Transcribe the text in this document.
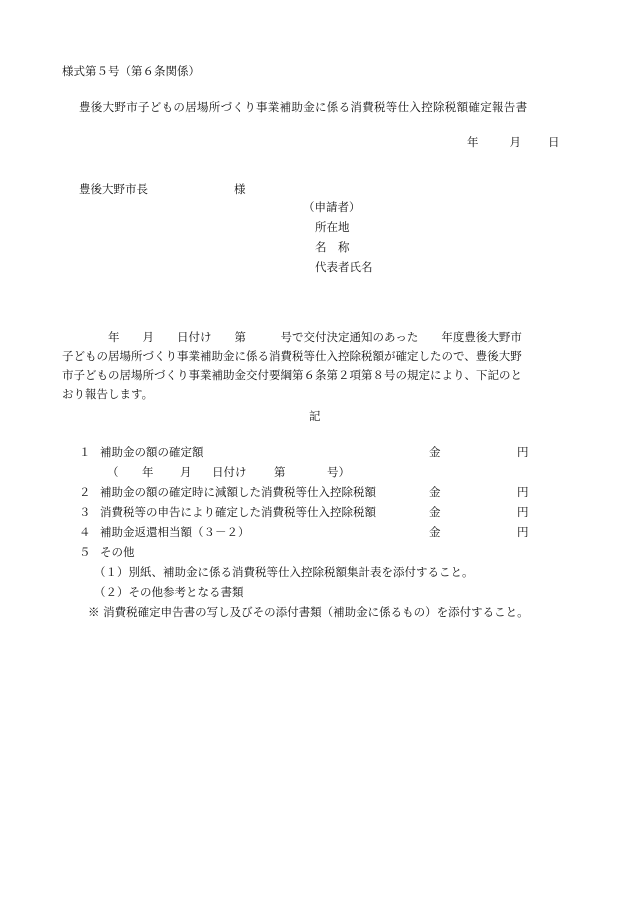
様式第５号（第６条関係）
豊後大野市子どもの居場所づくり事業補助金に係る消費税等仕入控除税額確定報告書
年	月 日
豊後大野市長	様
（申請者）
所在地
名　称
代表者氏名
　　　　年　　月　　日付け　　第　　　号で交付決定通知のあった　　年度豊後大野市
子どもの居場所づくり事業補助金に係る消費税等仕入控除税額が確定したので、豊後大野
市子どもの居場所づくり事業補助金交付要綱第６条第２項第８号の規定により、下記のと
おり報告します。
記
１ 補助金の額の確定額	金	円
（ 年 月 日付け 第	号）
２ 補助金の額の確定時に減額した消費税等仕入控除税額	金	円
３ 消費税等の申告により確定した消費税等仕入控除税額	金	円
４ 補助金返還相当額（３－２）	金	円
５ その他
（１）別紙、補助金に係る消費税等仕入控除税額集計表を添付すること。
（２）その他参考となる書類
※ 消費税確定申告書の写し及びその添付書類（補助金に係るもの）を添付すること。
